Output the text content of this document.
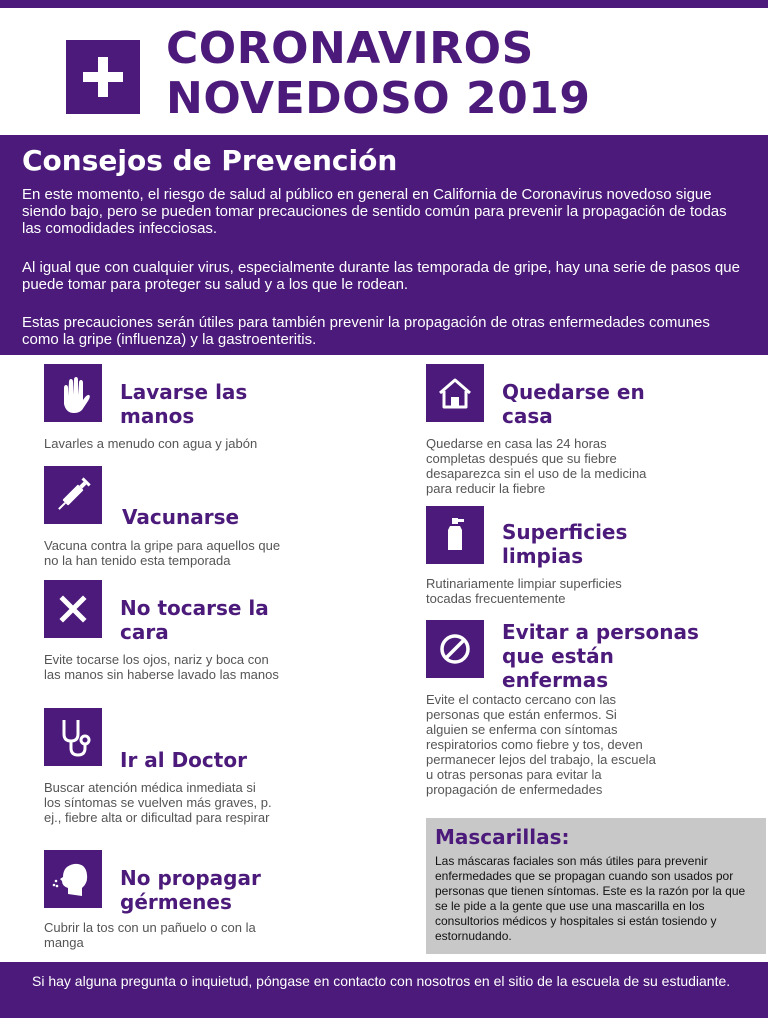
CORONAVIROS
NOVEDOSO 2019
Consejos de Prevención

En este momento, el riesgo de salud al público en general en California de Coronavirus novedoso sigue siendo bajo, pero se pueden tomar precauciones de sentido común para prevenir la propagación de todas las comodidades infecciosas.

Al igual que con cualquier virus, especialmente durante las temporada de gripe, hay una serie de pasos que puede tomar para proteger su salud y a los que le rodean.

Estas precauciones serán útiles para también prevenir la propagación de otras enfermedades comunes como la gripe (influenza) y la gastroenteritis.

Lavarse las manos
Lavarles a menudo con agua y jabón
Vacunarse
Vacuna contra la gripe para aquellos que no la han tenido esta temporada
No tocarse la cara
Evite tocarse los ojos, nariz y boca con las manos sin haberse lavado las manos
Ir al Doctor
Buscar atención médica inmediata si los síntomas se vuelven más graves, p. ej., fiebre alta or dificultad para respirar
No propagar gérmenes
Cubrir la tos con un pañuelo o con la manga
Quedarse en casa
Quedarse en casa las 24 horas completas después que su fiebre desaparezca sin el uso de la medicina para reducir la fiebre
Superficies limpias
Rutinariamente limpiar superficies tocadas frecuentemente
Evitar a personas que están enfermas
Evite el contacto cercano con las personas que están enfermos. Si alguien se enferma con síntomas respiratorios como fiebre y tos, deven permanecer lejos del trabajo, la escuela u otras personas para evitar la propagación de enfermedades
Mascarillas:

Las máscaras faciales son más útiles para prevenir enfermedades que se propagan cuando son usados por personas que tienen síntomas. Este es la razón por la que se le pide a la gente que use una mascarilla en los consultorios médicos y hospitales si están tosiendo y estornudando.

Si hay alguna pregunta o inquietud, póngase en contacto con nosotros en el sitio de la escuela de su estudiante.
